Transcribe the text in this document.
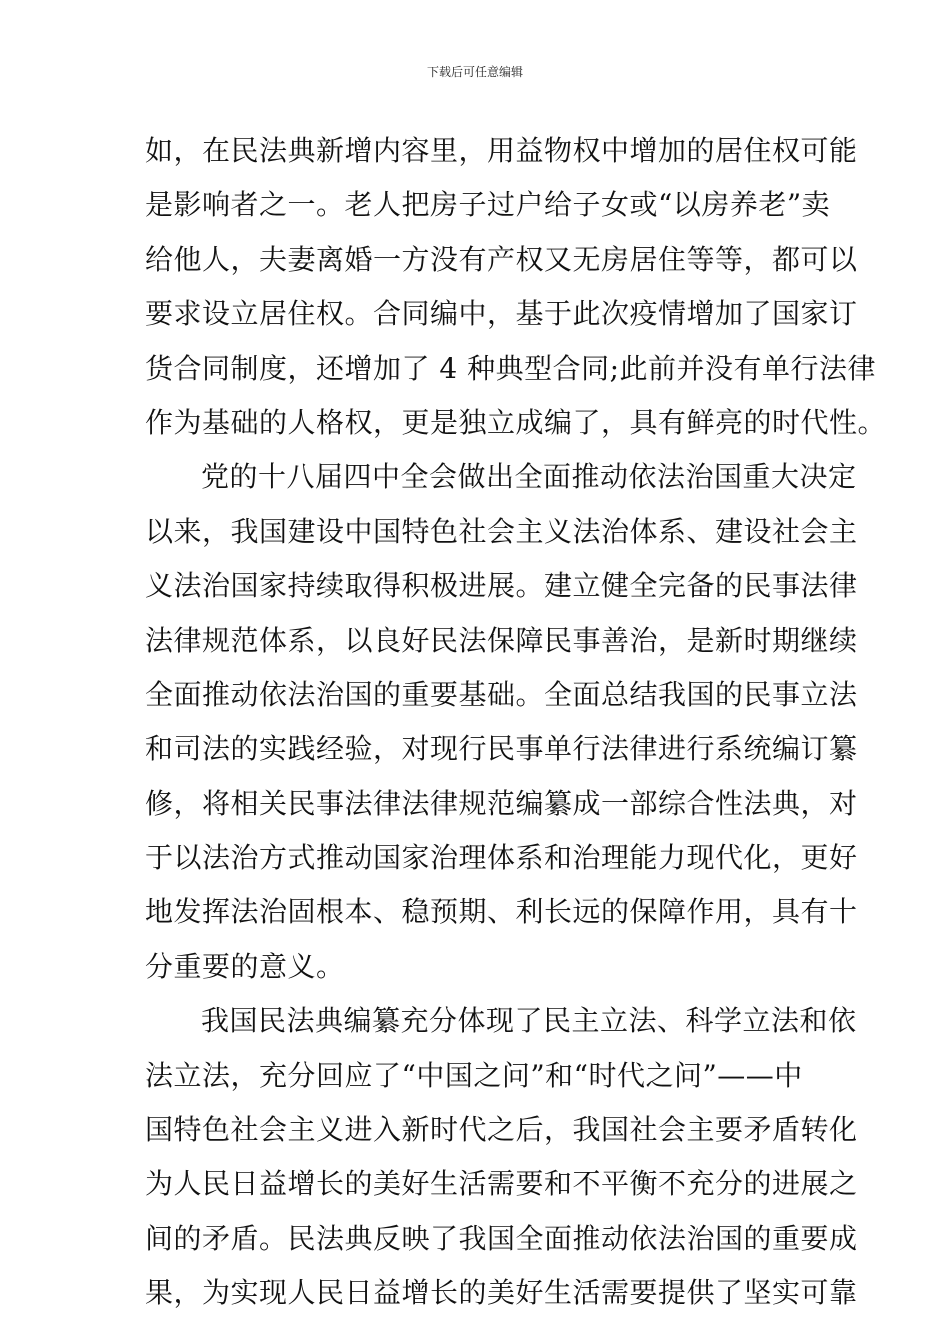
下载后可任意编辑
如，在民法典新增内容里，用益物权中增加的居住权可能
是影响者之一。老人把房子过户给子女或“以房养老”卖
给他人，夫妻离婚一方没有产权又无房居住等等，都可以
要求设立居住权。合同编中，基于此次疫情增加了国家订
货合同制度，还增加了 4 种典型合同;此前并没有单行法律
作为基础的人格权，更是独立成编了，具有鲜亮的时代性。
党的十八届四中全会做出全面推动依法治国重大决定
以来，我国建设中国特色社会主义法治体系、建设社会主
义法治国家持续取得积极进展。建立健全完备的民事法律
法律规范体系，以良好民法保障民事善治，是新时期继续
全面推动依法治国的重要基础。全面总结我国的民事立法
和司法的实践经验，对现行民事单行法律进行系统编订纂
修，将相关民事法律法律规范编纂成一部综合性法典，对
于以法治方式推动国家治理体系和治理能力现代化，更好
地发挥法治固根本、稳预期、利长远的保障作用，具有十
分重要的意义。
我国民法典编纂充分体现了民主立法、科学立法和依
法立法，充分回应了“中国之问”和“时代之问”——中
国特色社会主义进入新时代之后，我国社会主要矛盾转化
为人民日益增长的美好生活需要和不平衡不充分的进展之
间的矛盾。民法典反映了我国全面推动依法治国的重要成
果，为实现人民日益增长的美好生活需要提供了坚实可靠
